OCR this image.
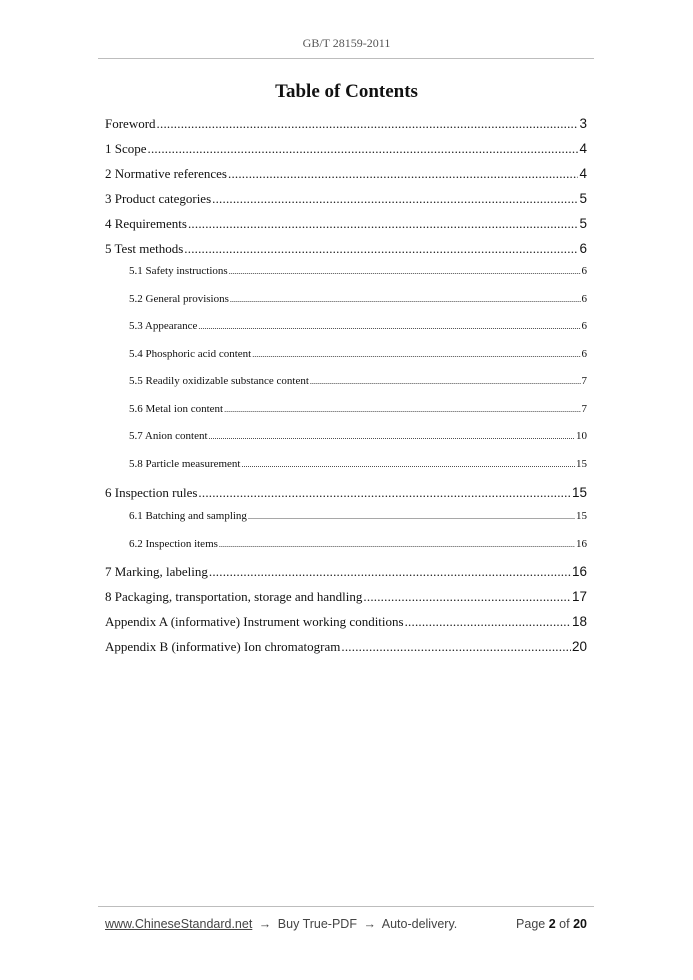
GB/T 28159-2011
Table of Contents
Foreword .....	3
1 Scope .....	4
2 Normative references .....	4
3 Product categories .....	5
4 Requirements .....	5
5 Test methods .....	6
5.1 Safety instructions .....	6
5.2 General provisions .....	6
5.3 Appearance .....	6
5.4 Phosphoric acid content .....	6
5.5 Readily oxidizable substance content .....	7
5.6 Metal ion content .....	7
5.7 Anion content .....	10
5.8 Particle measurement .....	15
6 Inspection rules .....	15
6.1 Batching and sampling .....	15
6.2 Inspection items .....	16
7 Marking, labeling .....	16
8 Packaging, transportation, storage and handling .....	17
Appendix A (informative) Instrument working conditions .....	18
Appendix B (informative) Ion chromatogram .....	20
www.ChineseStandard.net → Buy True-PDF → Auto-delivery.	Page 2 of 20
